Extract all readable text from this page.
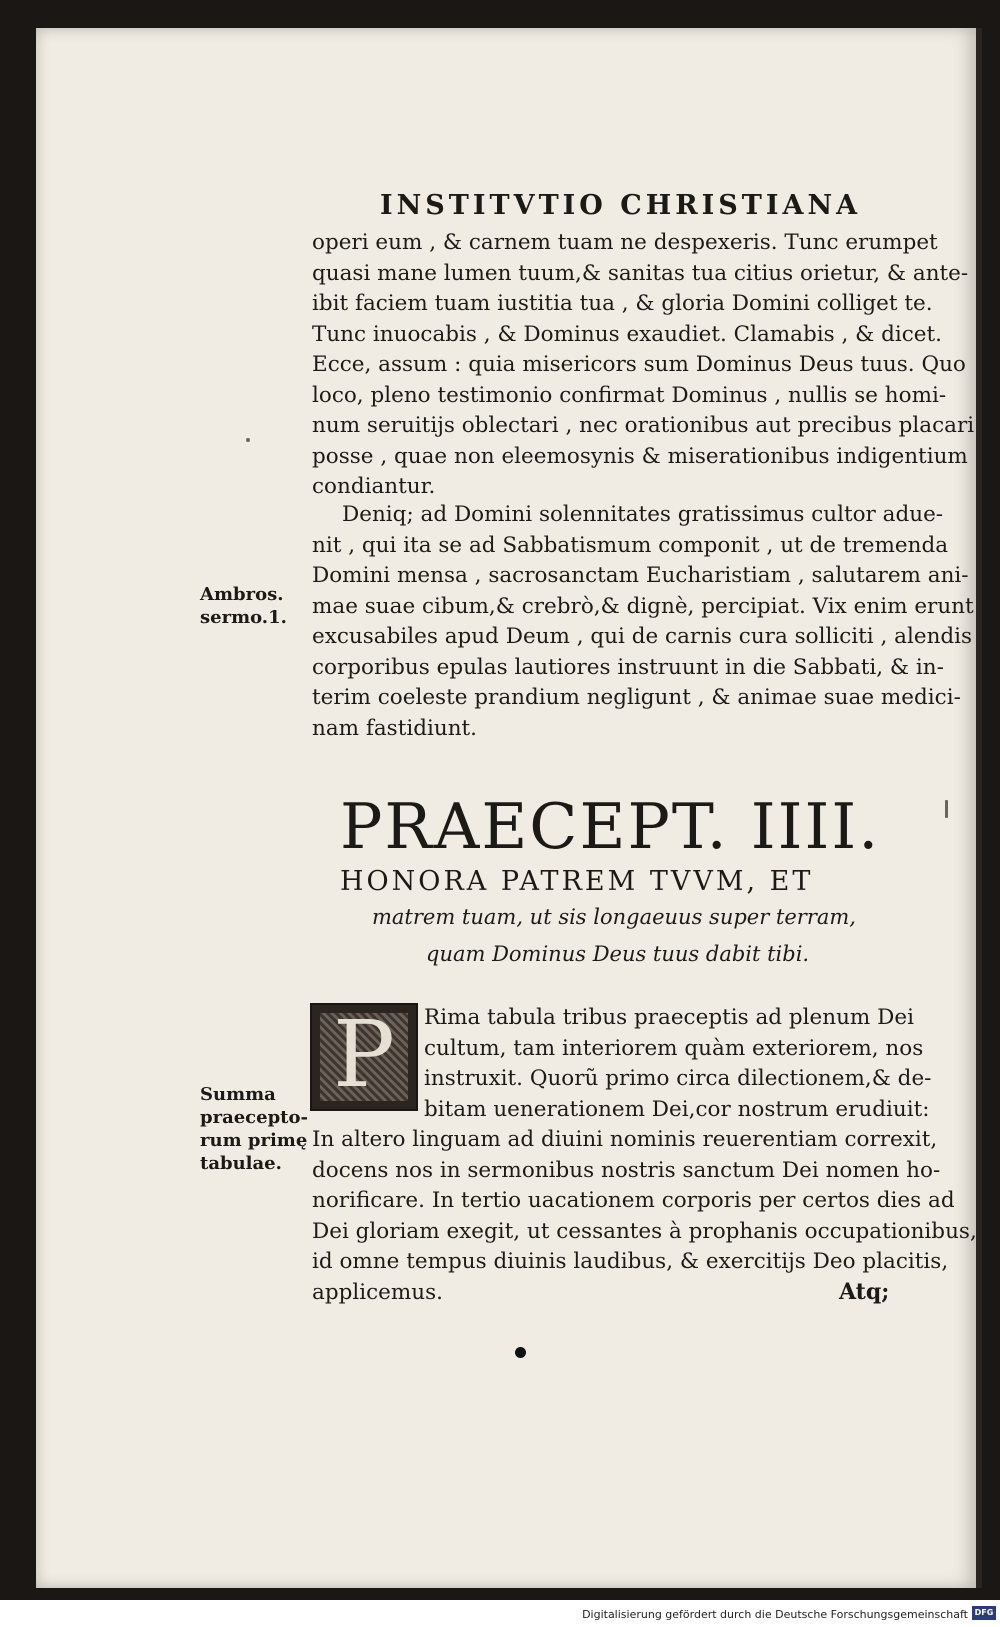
INSTITVTIO CHRISTIANA
operi eum , & carnem tuam ne despexeris. Tunc erumpet
quasi mane lumen tuum,& sanitas tua citius orietur, & ante-
ibit faciem tuam iustitia tua , & gloria Domini colliget te.
Tunc inuocabis , & Dominus exaudiet. Clamabis , & dicet.
Ecce, assum : quia misericors sum Dominus Deus tuus. Quo
loco, pleno testimonio confirmat Dominus , nullis se homi-
num seruitijs oblectari , nec orationibus aut precibus placari
posse , quae non eleemosynis & miserationibus indigentium
condiantur.
Deniq; ad Domini solennitates gratissimus cultor adue-
nit , qui ita se ad Sabbatismum componit , ut de tremenda
Domini mensa , sacrosanctam Eucharistiam , salutarem ani-
mae suae cibum,& crebrò,& dignè, percipiat. Vix enim erunt
excusabiles apud Deum , qui de carnis cura solliciti , alendis
corporibus epulas lautiores instruunt in die Sabbati, & in-
terim coeleste prandium negligunt , & animae suae medici-
nam fastidiunt.
Ambros.
sermo.1.
PRAECEPT. IIII.
HONORA PATREM TVVM, ET
matrem tuam, ut sis longaeuus super terram,
quam Dominus Deus tuus dabit tibi.
P	Rima tabula tribus praeceptis ad plenum Dei
cultum, tam interiorem quàm exteriorem, nos
instruxit. Quorũ primo circa dilectionem,& de-
bitam uenerationem Dei,cor nostrum erudiuit:
In altero linguam ad diuini nominis reuerentiam correxit,
docens nos in sermonibus nostris sanctum Dei nomen ho-
norificare. In tertio uacationem corporis per certos dies ad
Dei gloriam exegit, ut cessantes à prophanis occupationibus,
id omne tempus diuinis laudibus, & exercitijs Deo placitis,
applicemus.
Summa
praecepto-
rum primę
tabulae.
Atq;
Digitalisierung gefördert durch die Deutsche Forschungsgemeinschaft DFG
